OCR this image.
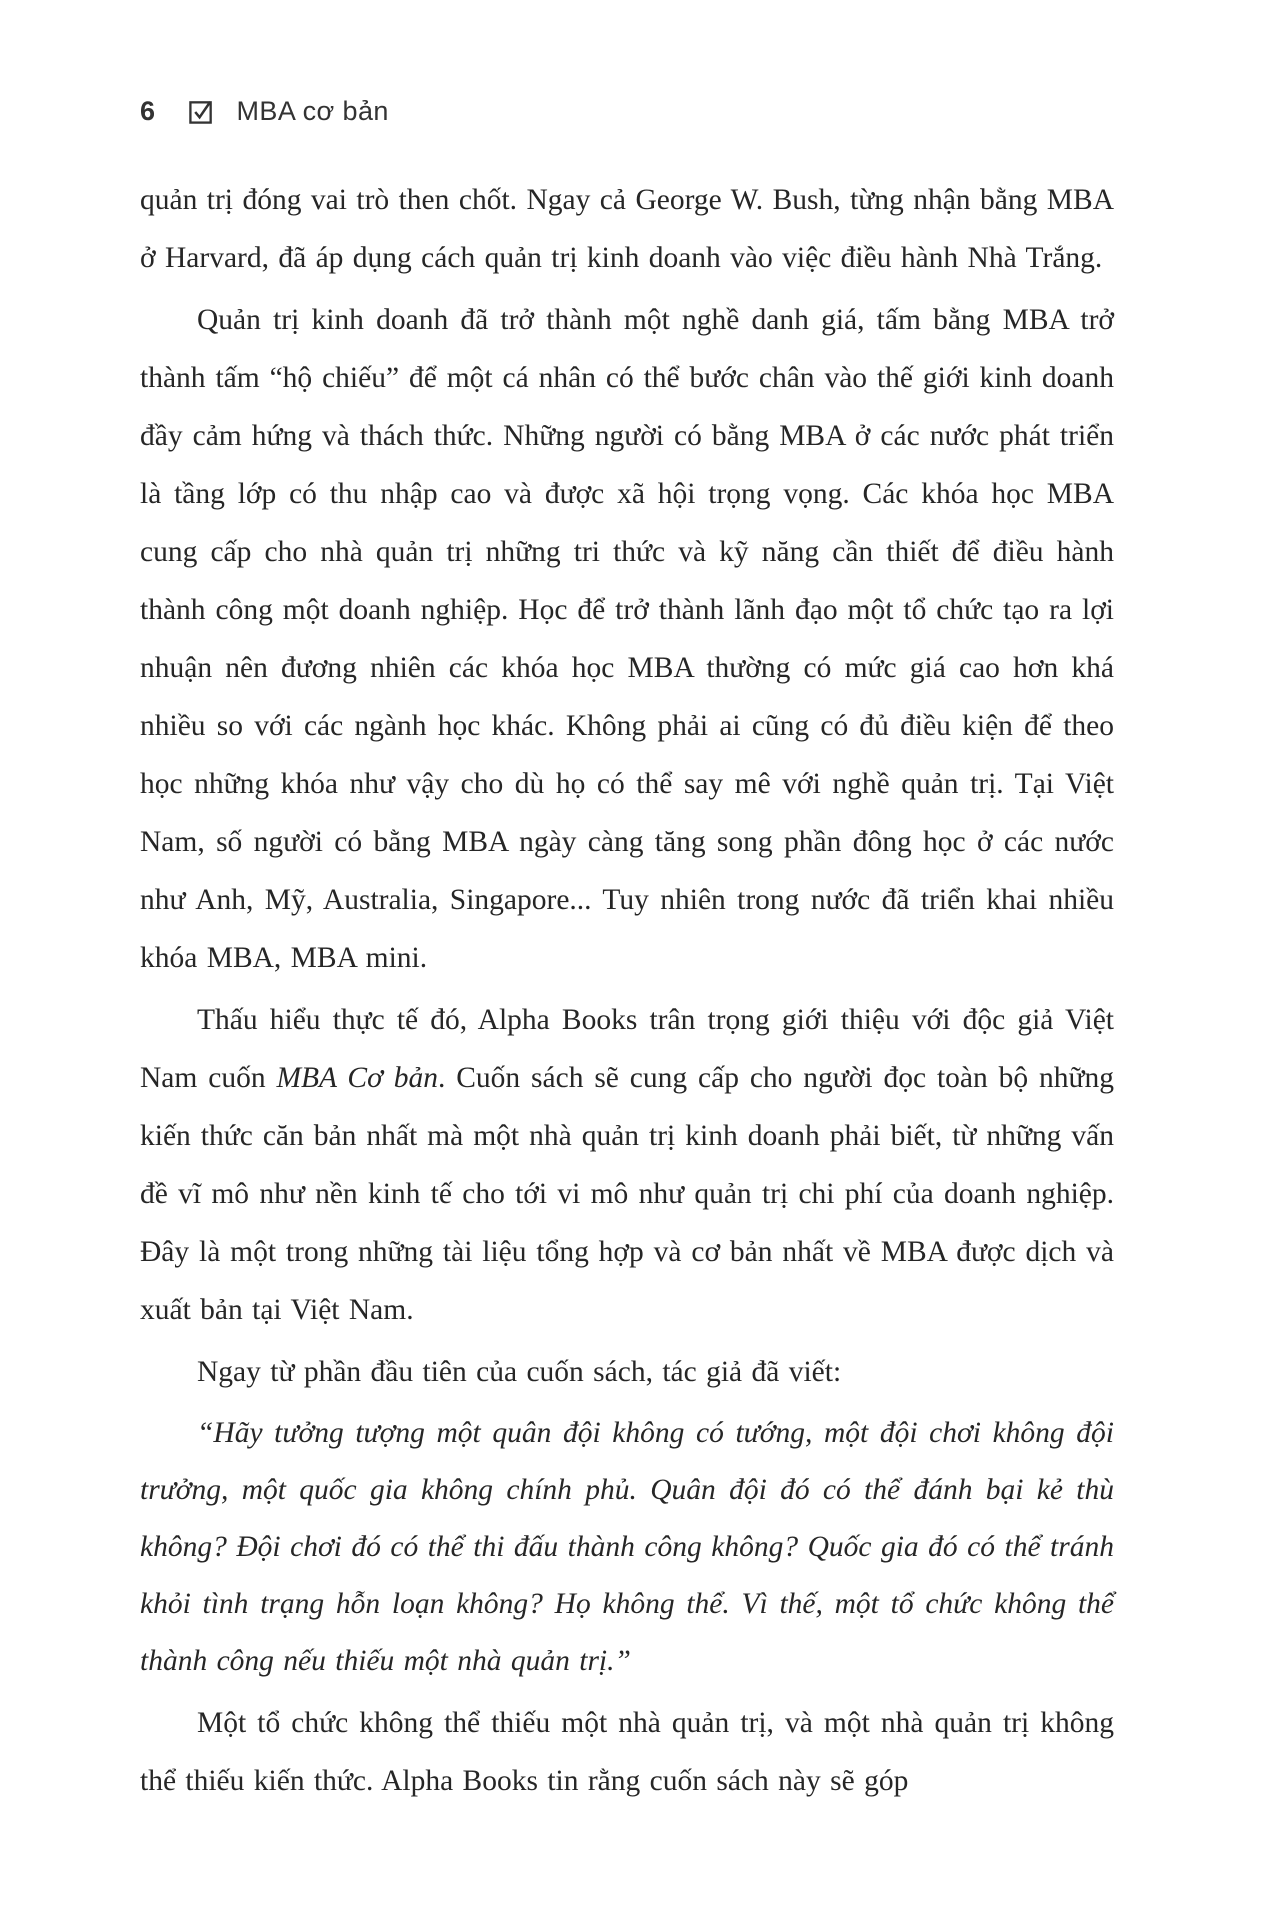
6	MBA cơ bản

quản trị đóng vai trò then chốt. Ngay cả George W. Bush, từng nhận bằng MBA ở Harvard, đã áp dụng cách quản trị kinh doanh vào việc điều hành Nhà Trắng.

Quản trị kinh doanh đã trở thành một nghề danh giá, tấm bằng MBA trở thành tấm “hộ chiếu” để một cá nhân có thể bước chân vào thế giới kinh doanh đầy cảm hứng và thách thức. Những người có bằng MBA ở các nước phát triển là tầng lớp có thu nhập cao và được xã hội trọng vọng. Các khóa học MBA cung cấp cho nhà quản trị những tri thức và kỹ năng cần thiết để điều hành thành công một doanh nghiệp. Học để trở thành lãnh đạo một tổ chức tạo ra lợi nhuận nên đương nhiên các khóa học MBA thường có mức giá cao hơn khá nhiều so với các ngành học khác. Không phải ai cũng có đủ điều kiện để theo học những khóa như vậy cho dù họ có thể say mê với nghề quản trị. Tại Việt Nam, số người có bằng MBA ngày càng tăng song phần đông học ở các nước như Anh, Mỹ, Australia, Singapore... Tuy nhiên trong nước đã triển khai nhiều khóa MBA, MBA mini.

Thấu hiểu thực tế đó, Alpha Books trân trọng giới thiệu với độc giả Việt Nam cuốn MBA Cơ bản. Cuốn sách sẽ cung cấp cho người đọc toàn bộ những kiến thức căn bản nhất mà một nhà quản trị kinh doanh phải biết, từ những vấn đề vĩ mô như nền kinh tế cho tới vi mô như quản trị chi phí của doanh nghiệp. Đây là một trong những tài liệu tổng hợp và cơ bản nhất về MBA được dịch và xuất bản tại Việt Nam.

Ngay từ phần đầu tiên của cuốn sách, tác giả đã viết:

“Hãy tưởng tượng một quân đội không có tướng, một đội chơi không đội trưởng, một quốc gia không chính phủ. Quân đội đó có thể đánh bại kẻ thù không? Đội chơi đó có thể thi đấu thành công không? Quốc gia đó có thể tránh khỏi tình trạng hỗn loạn không? Họ không thể. Vì thế, một tổ chức không thể thành công nếu thiếu một nhà quản trị.”

Một tổ chức không thể thiếu một nhà quản trị, và một nhà quản trị không thể thiếu kiến thức. Alpha Books tin rằng cuốn sách này sẽ góp
